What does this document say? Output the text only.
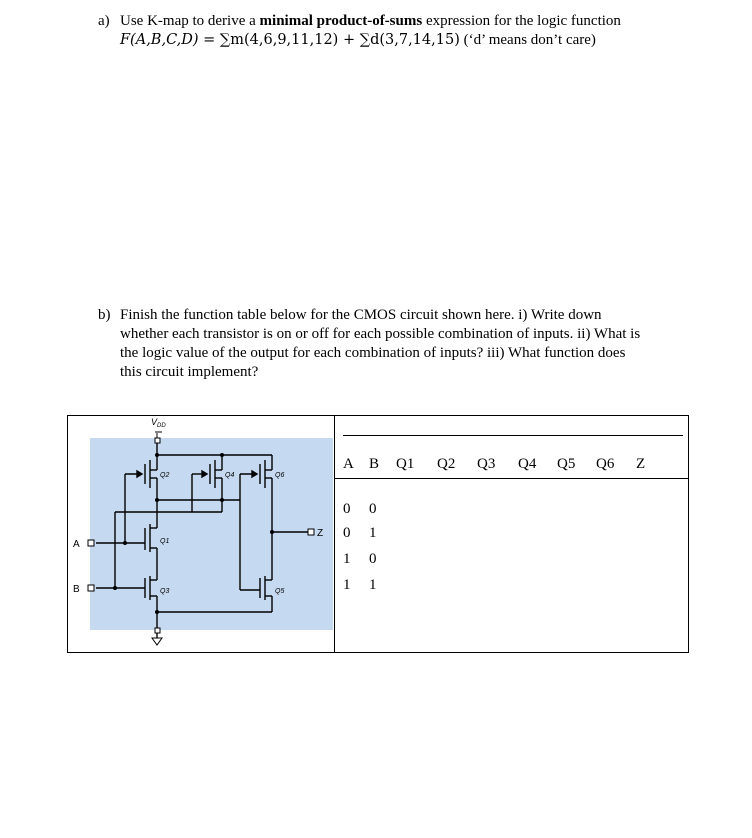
a) Use K-map to derive a minimal product-of-sums expression for the logic function
F(A,B,C,D) = ∑m(4,6,9,11,12) + ∑d(3,7,14,15) (‘d’ means don’t care)
b) Finish the function table below for the CMOS circuit shown here. i) Write down
whether each transistor is on or off for each possible combination of inputs. ii) What is
the logic value of the output for each combination of inputs? iii) What function does
this circuit implement?
$V_{DD}$
A
B
Z
Q2	Q4	Q6
Q1
Q3	Q5
A B Q1 Q2 Q3 Q4 Q5 Q6 Z
0 0
0 1
1 0
1 1
